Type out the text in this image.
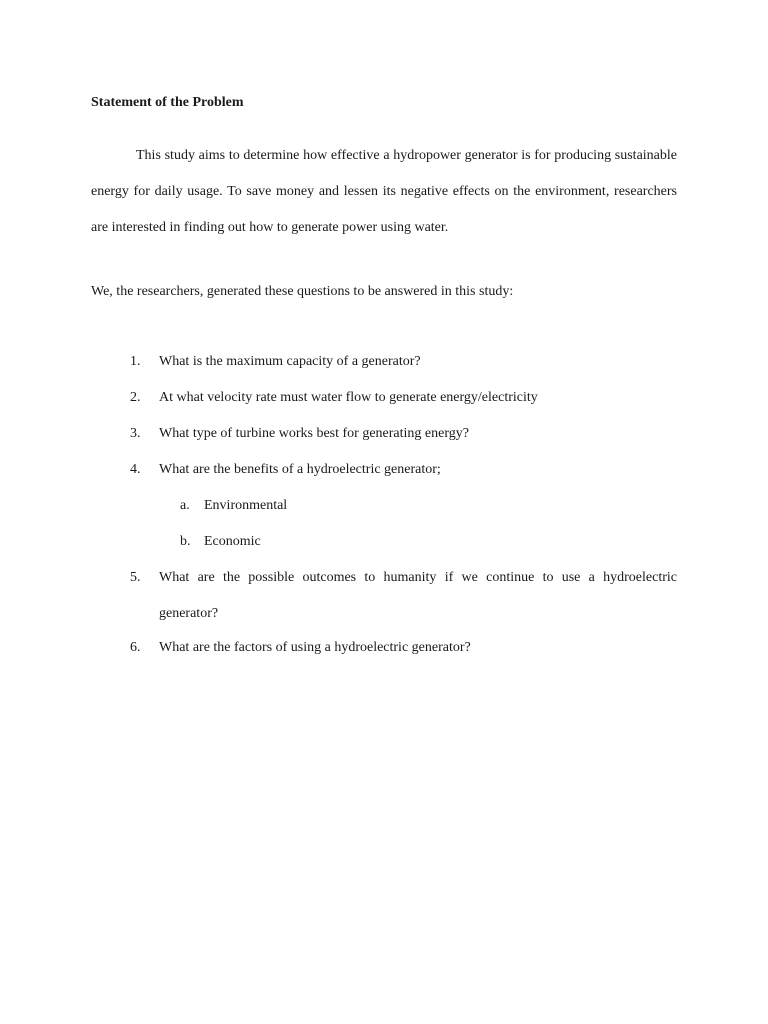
Statement of the Problem

This study aims to determine how effective a hydropower generator is for producing sustainable energy for daily usage. To save money and lessen its negative effects on the environment, researchers are interested in finding out how to generate power using water.

We, the researchers, generated these questions to be answered in this study:
1.	What is the maximum capacity of a generator?
2.	At what velocity rate must water flow to generate energy/electricity
3.	What type of turbine works best for generating energy?
4.	What are the benefits of a hydroelectric generator;
a. Environmental
b. Economic
5.	What are the possible outcomes to humanity if we continue to use a hydroelectric generator?
6.	What are the factors of using a hydroelectric generator?
